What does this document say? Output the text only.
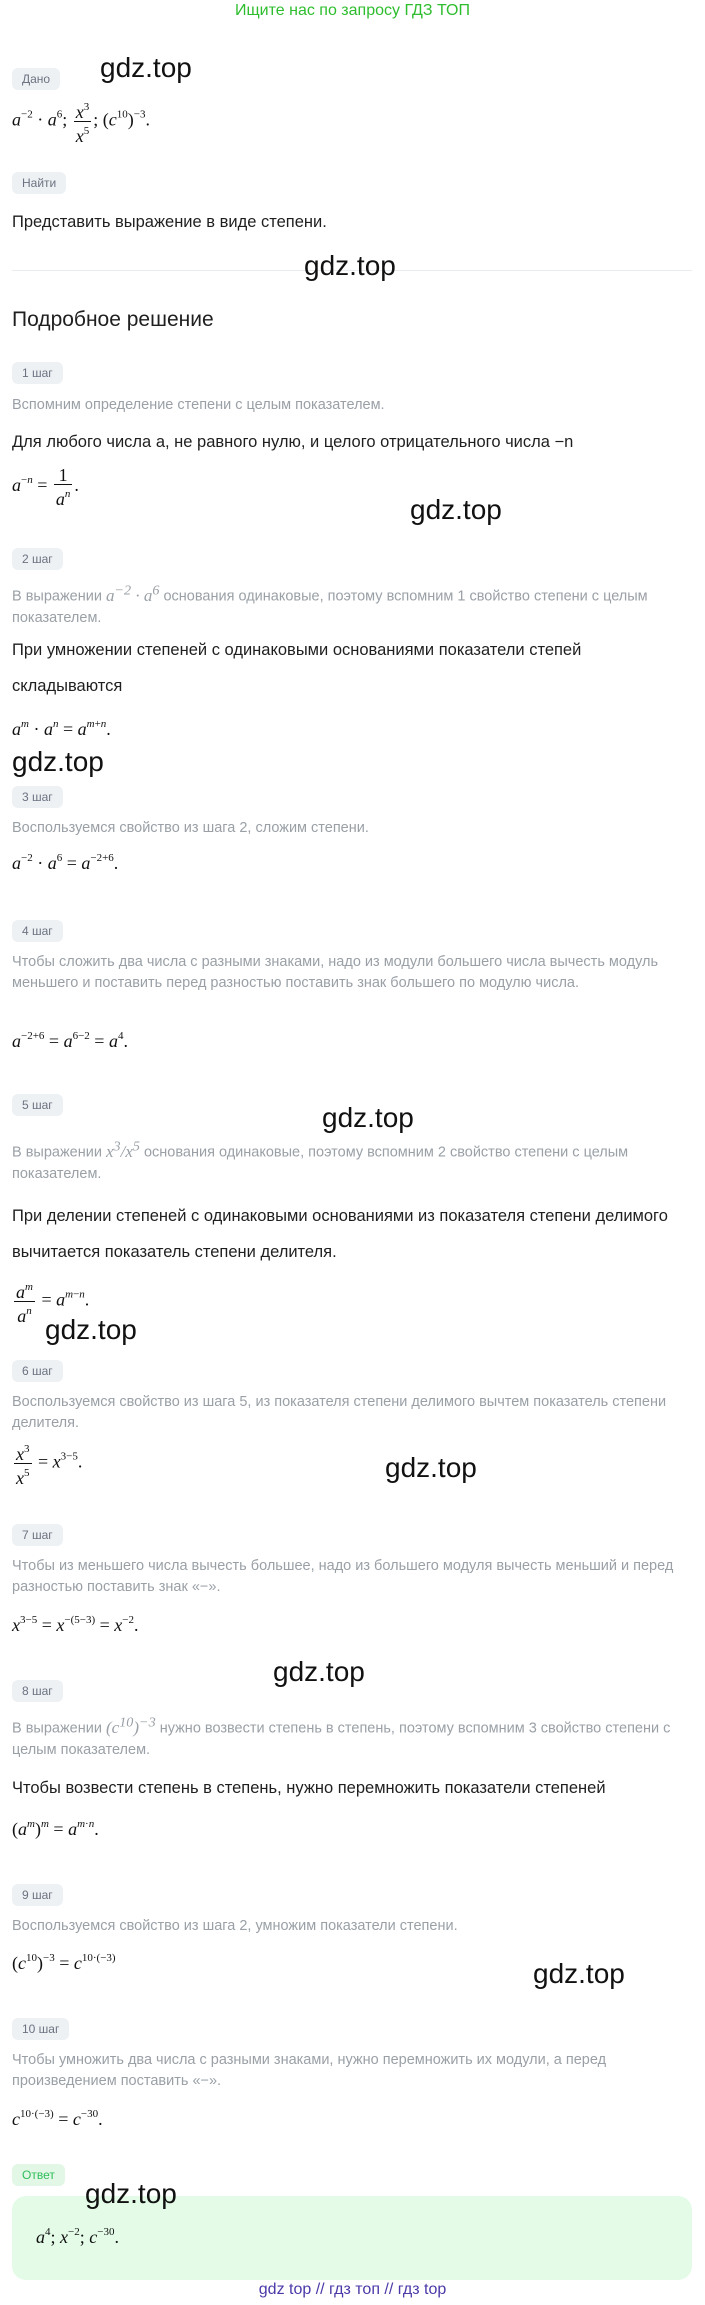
Ищите нас по запросу ГДЗ ТОП
Дано	gdz.top
$a^{-2} \cdot a^6$; $\frac{x^3}{x^5}$ ; $(c^{10})^{-3}$.
Найти
Представить выражение в виде степени.
gdz.top
Подробное решение
1 шаг
Вспомним определение степени с целым показателем.
Для любого числа a, не равного нулю, и целого отрицательного числа −n
$a^{-n} = \frac{1}{a^n}$ .
gdz.top
2 шаг
В выражении $a^{-2} \cdot a^6$ основания одинаковые, поэтому вспомним 1 свойство степени с целым показателем.
При умножении степеней с одинаковыми основаниями показатели степей складываются
$a^m \cdot a^n = a^{m+n}$.
gdz.top
3 шаг
Воспользуемся свойство из шага 2, сложим степени.
$a^{-2} \cdot a^6 = a^{-2+6}$.
4 шаг
Чтобы сложить два числа с разными знаками, надо из модули большего числа вычесть модуль меньшего и поставить перед разностью поставить знак большего по модулю числа.
$a^{-2+6} = a^{6-2} = a^4$.
5 шаг	gdz.top
В выражении $x^3/x^5$ основания одинаковые, поэтому вспомним 2 свойство степени с целым показателем.
При делении степеней с одинаковыми основаниями из показателя степени делимого вычитается показатель степени делителя.
$\frac{a^m}{a^n} = a^{m-n}$.
gdz.top
6 шаг
Воспользуемся свойство из шага 5, из показателя степени делимого вычтем показатель степени делителя.
$\frac{x^3}{x^5} = x^{3-5}$.	gdz.top
7 шаг
Чтобы из меньшего числа вычесть большее, надо из большего модуля вычесть меньший и перед разностью поставить знак «−».
$x^{3-5} = x^{-(5-3)} = x^{-2}$.
gdz.top
8 шаг
В выражении $(c^{10})^{-3}$ нужно возвести степень в степень, поэтому вспомним 3 свойство степени с целым показателем.
Чтобы возвести степень в степень, нужно перемножить показатели степеней
$(a^m)^m = a^{m\cdot n}$.
9 шаг
Воспользуемся свойство из шага 2, умножим показатели степени.
$(c^{10})^{-3} = c^{10\cdot(-3)}$	gdz.top
10 шаг
Чтобы умножить два числа с разными знаками, нужно перемножить их модули, а перед произведением поставить «−».
$c^{10\cdot(-3)} = c^{-30}$.
Ответ
gdz.top
$a^4$; $x^{-2}$; $c^{-30}$.
gdz top // гдз топ // гдз top
